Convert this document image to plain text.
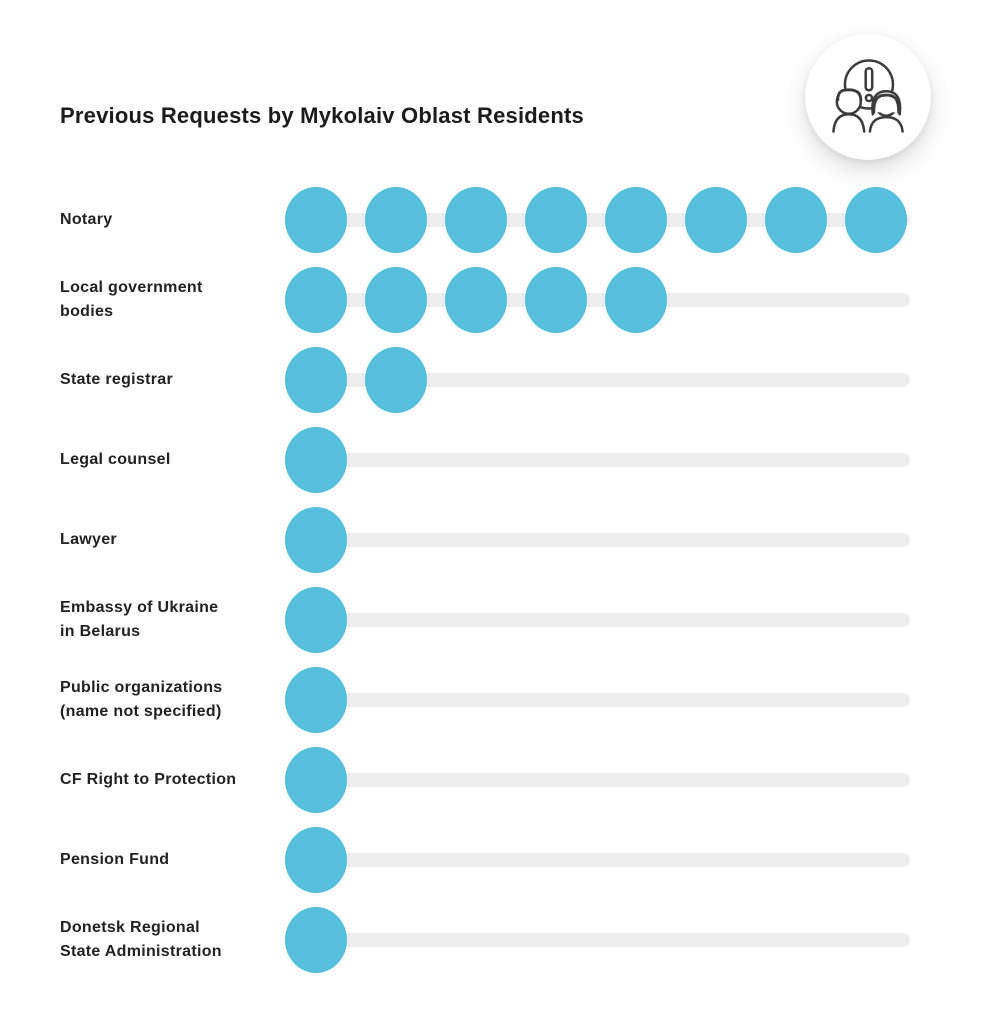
Previous Requests by Mykolaiv Oblast Residents
Notary
Local government
bodies
State registrar
Legal counsel
Lawyer
Embassy of Ukraine
in Belarus
Public organizations
(name not specified)
CF Right to Protection
Pension Fund
Donetsk Regional
State Administration
